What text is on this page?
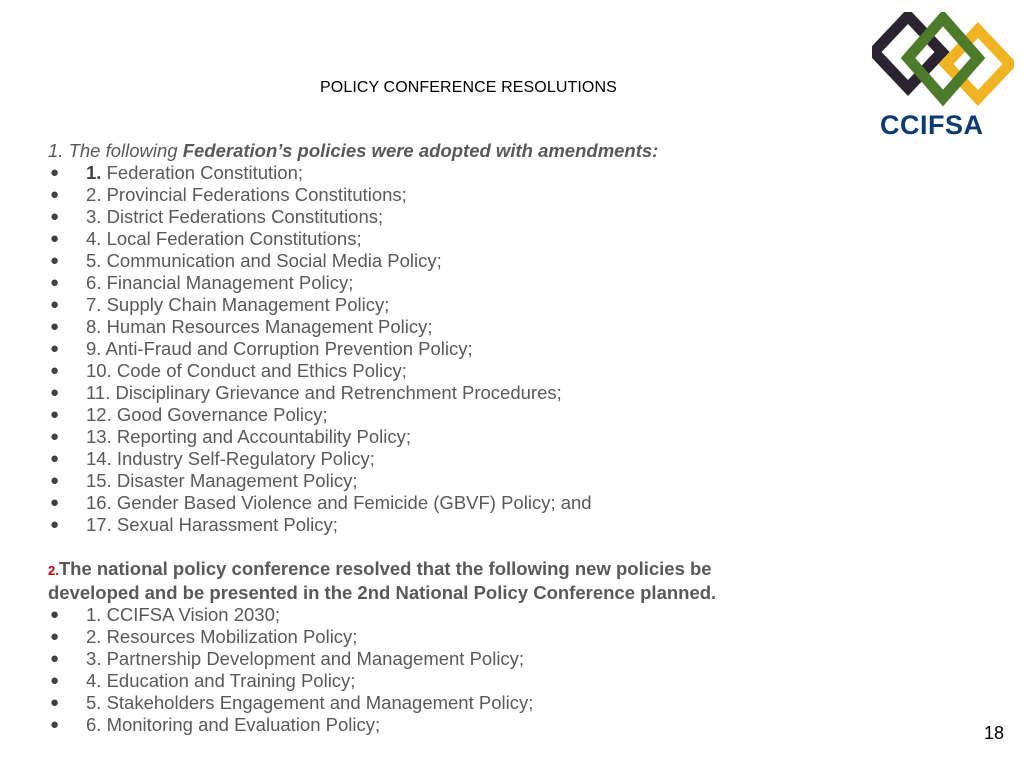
POLICY CONFERENCE RESOLUTIONS
CCIFSA
1. The following Federation’s policies were adopted with amendments:
● 1. Federation Constitution;
● 2. Provincial Federations Constitutions;
● 3. District Federations Constitutions;
● 4. Local Federation Constitutions;
● 5. Communication and Social Media Policy;
● 6. Financial Management Policy;
● 7. Supply Chain Management Policy;
● 8. Human Resources Management Policy;
● 9. Anti-Fraud and Corruption Prevention Policy;
● 10. Code of Conduct and Ethics Policy;
● 11. Disciplinary Grievance and Retrenchment Procedures;
● 12. Good Governance Policy;
● 13. Reporting and Accountability Policy;
● 14. Industry Self-Regulatory Policy;
● 15. Disaster Management Policy;
● 16. Gender Based Violence and Femicide (GBVF) Policy; and
● 17. Sexual Harassment Policy;
2.The national policy conference resolved that the following new policies be
developed and be presented in the 2nd National Policy Conference planned.
● 1. CCIFSA Vision 2030;
● 2. Resources Mobilization Policy;
● 3. Partnership Development and Management Policy;
● 4. Education and Training Policy;
● 5. Stakeholders Engagement and Management Policy;
● 6. Monitoring and Evaluation Policy;	18
